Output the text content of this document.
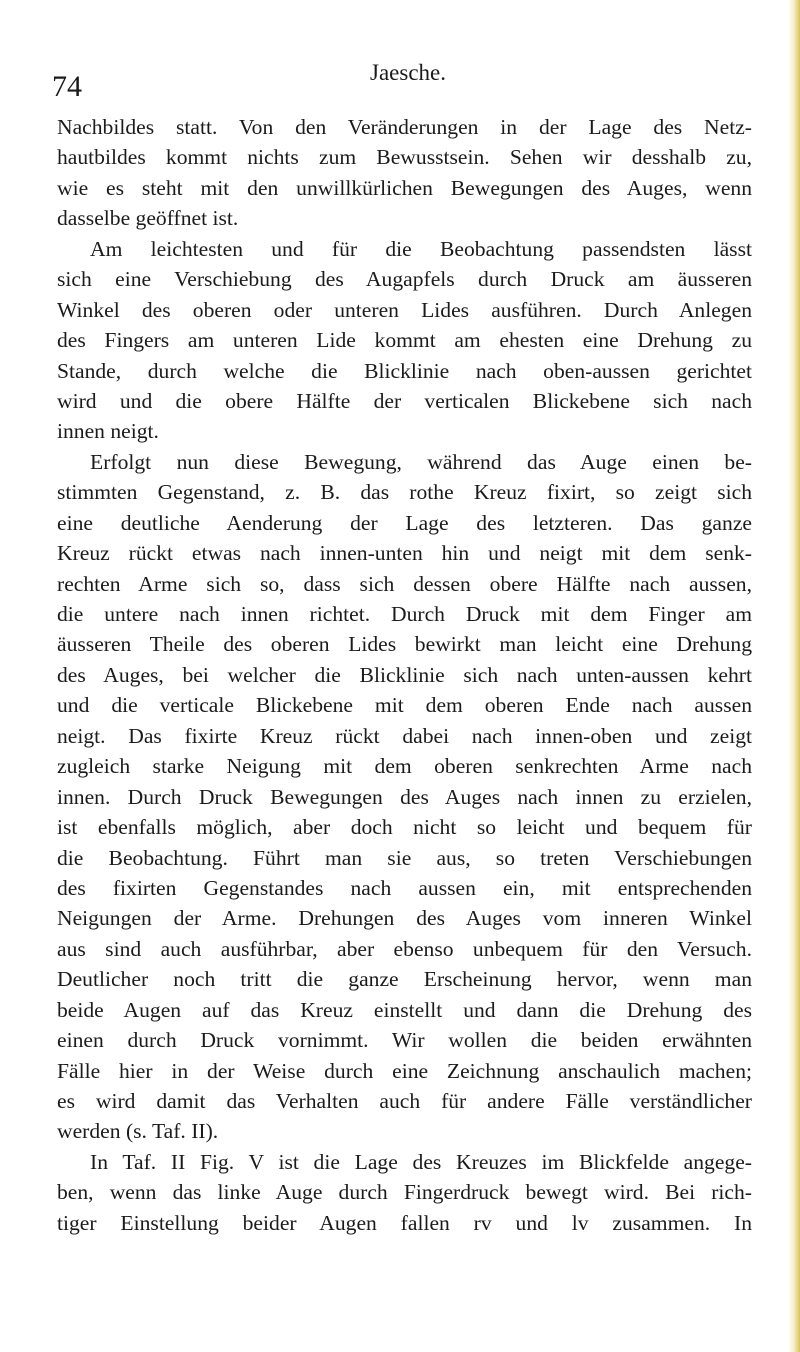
74	Jaesche.
Nachbildes statt. Von den Veränderungen in der Lage des Netz-
hautbildes kommt nichts zum Bewusstsein. Sehen wir desshalb zu,
wie es steht mit den unwillkürlichen Bewegungen des Auges, wenn
dasselbe geöffnet ist.
Am leichtesten und für die Beobachtung passendsten lässt
sich eine Verschiebung des Augapfels durch Druck am äusseren
Winkel des oberen oder unteren Lides ausführen. Durch Anlegen
des Fingers am unteren Lide kommt am ehesten eine Drehung zu
Stande, durch welche die Blicklinie nach oben-aussen gerichtet
wird und die obere Hälfte der verticalen Blickebene sich nach
innen neigt.
Erfolgt nun diese Bewegung, während das Auge einen be-
stimmten Gegenstand, z. B. das rothe Kreuz fixirt, so zeigt sich
eine deutliche Aenderung der Lage des letzteren. Das ganze
Kreuz rückt etwas nach innen-unten hin und neigt mit dem senk-
rechten Arme sich so, dass sich dessen obere Hälfte nach aussen,
die untere nach innen richtet. Durch Druck mit dem Finger am
äusseren Theile des oberen Lides bewirkt man leicht eine Drehung
des Auges, bei welcher die Blicklinie sich nach unten-aussen kehrt
und die verticale Blickebene mit dem oberen Ende nach aussen
neigt. Das fixirte Kreuz rückt dabei nach innen-oben und zeigt
zugleich starke Neigung mit dem oberen senkrechten Arme nach
innen. Durch Druck Bewegungen des Auges nach innen zu erzielen,
ist ebenfalls möglich, aber doch nicht so leicht und bequem für
die Beobachtung. Führt man sie aus, so treten Verschiebungen
des fixirten Gegenstandes nach aussen ein, mit entsprechenden
Neigungen der Arme. Drehungen des Auges vom inneren Winkel
aus sind auch ausführbar, aber ebenso unbequem für den Versuch.
Deutlicher noch tritt die ganze Erscheinung hervor, wenn man
beide Augen auf das Kreuz einstellt und dann die Drehung des
einen durch Druck vornimmt. Wir wollen die beiden erwähnten
Fälle hier in der Weise durch eine Zeichnung anschaulich machen;
es wird damit das Verhalten auch für andere Fälle verständlicher
werden (s. Taf. II).
In Taf. II Fig. V ist die Lage des Kreuzes im Blickfelde angege-
ben, wenn das linke Auge durch Fingerdruck bewegt wird. Bei rich-
tiger Einstellung beider Augen fallen rv und lv zusammen. In
